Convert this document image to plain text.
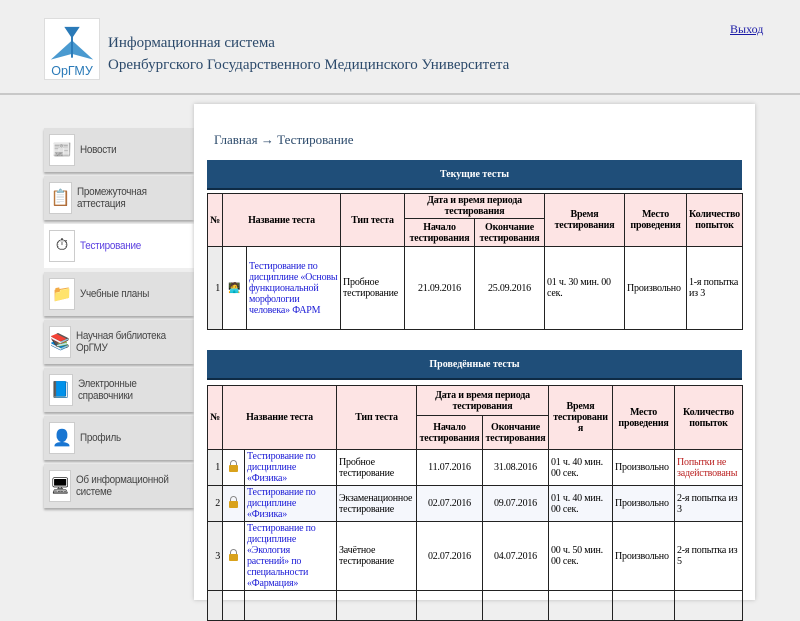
ОрГМУ
Информационная система
Оренбургского Государственного Медицинского Университета
Выход
📰 Новости
📋 Промежуточная аттестация
⏱	Тестирование
📁 Учебные планы
📚 Научная библиотека ОрГМУ
📘 Электронные справочники
👤 Профиль
🖥 Об информационной системе
Главная → Тестирование
Текущие тесты
№	Название теста		Тип теста	Дата и время периода тестирования		Время тестирования	Место проведения	Количество попыток
				Начало тестирования	Окончание тестирования			
1	🧑‍💻	Тестирование по дисциплине «Основы функциональной морфологии человека» ФАРМ	Пробное тестирование	21.09.2016	25.09.2016	01 ч. 30 мин. 00 сек.	Произвольно	1-я попытка из 3
Проведённые тесты
№	Название теста		Тип теста	Дата и время периода тестирования		Время тестирования	Место проведения	Количество попыток
				Начало тестирования	Окончание тестирования			
1		Тестирование по дисциплине «Физика»	Пробное тестирование	11.07.2016	31.08.2016	01 ч. 40 мин. 00 сек.	Произвольно	Попытки не задействованы
2		Тестирование по дисциплине «Физика»	Экзаменационное тестирование	02.07.2016	09.07.2016	01 ч. 40 мин. 00 сек.	Произвольно	2-я попытка из 3
3		Тестирование по дисциплине «Экология растений» по специальности «Фармация»	Зачётное тестирование	02.07.2016	04.07.2016	00 ч. 50 мин. 00 сек.	Произвольно	2-я попытка из 5
